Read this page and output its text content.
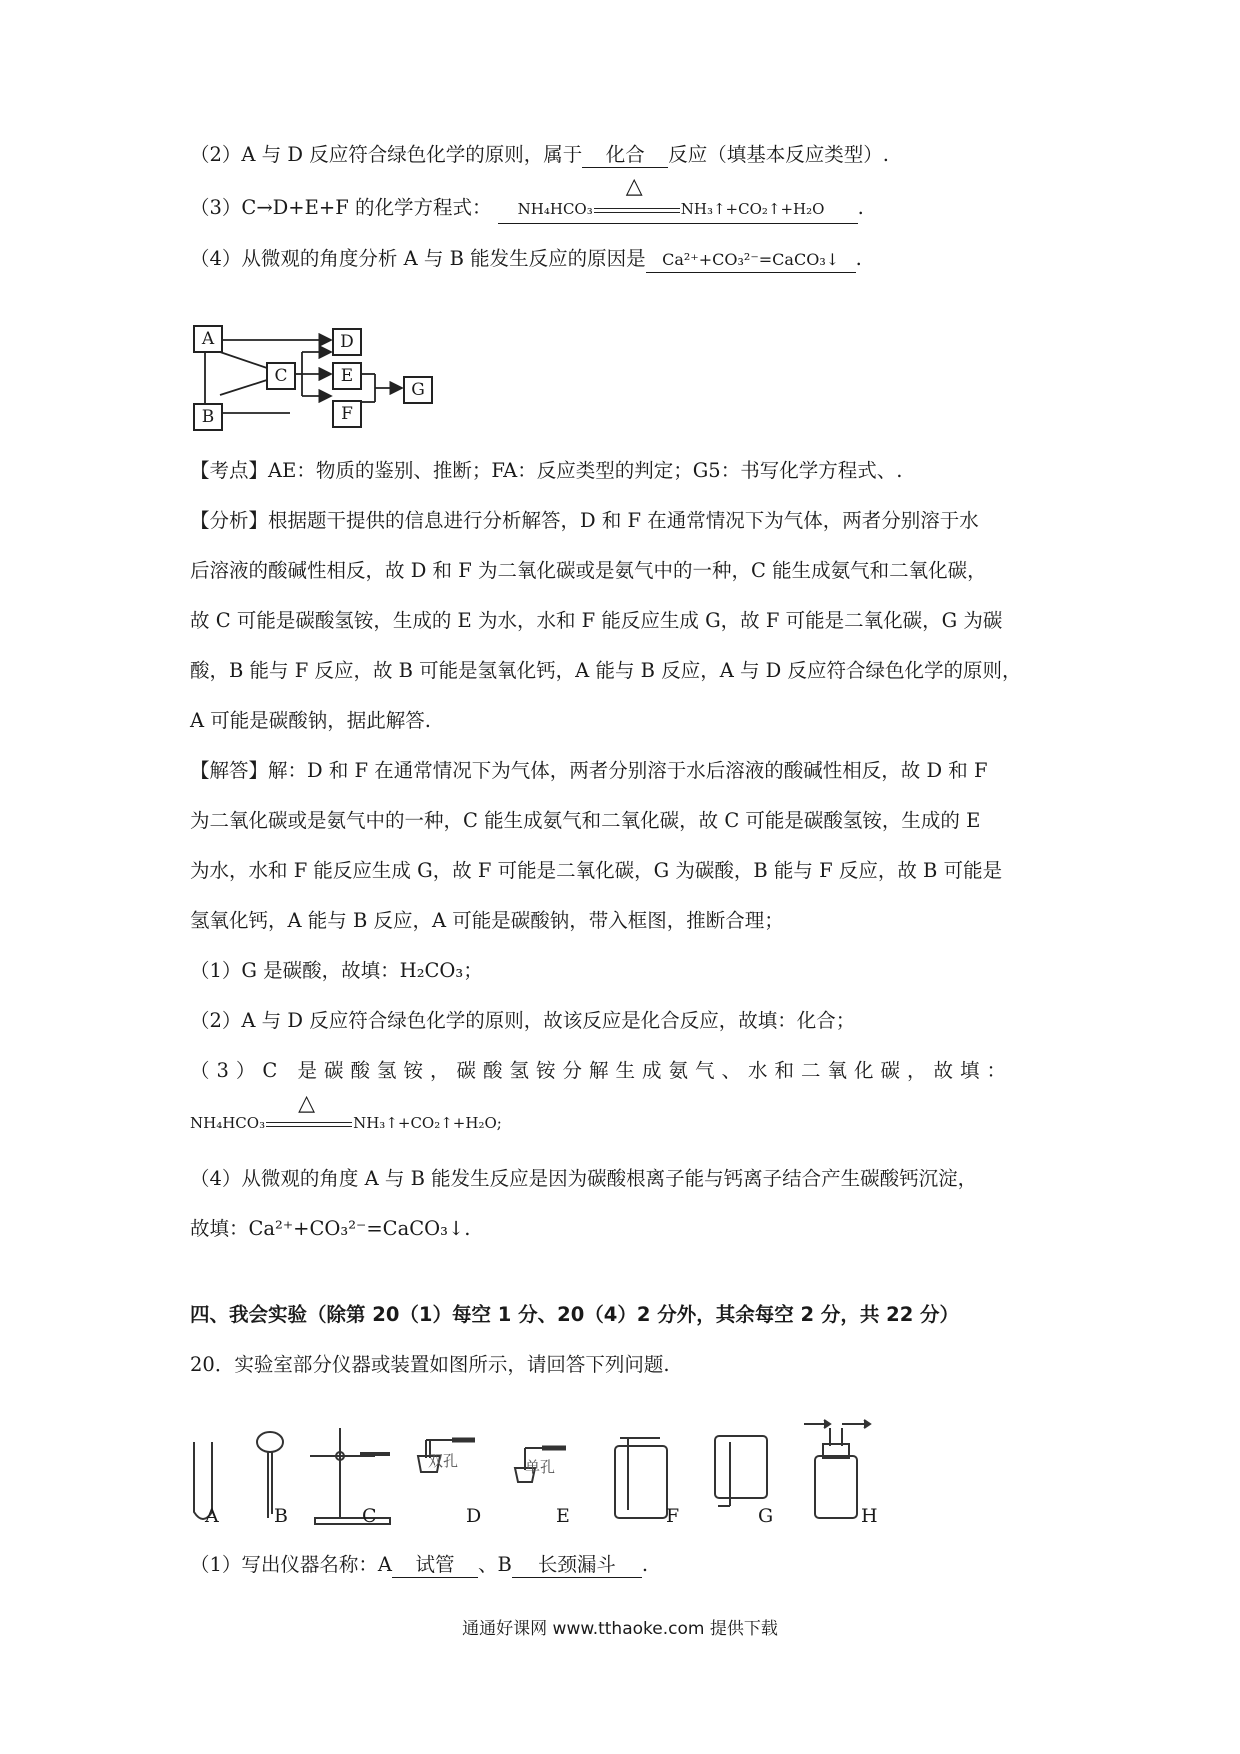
（2）A 与 D 反应符合绿色化学的原则，属于 化合 反应（填基本反应类型）.
（3）C→D+E+F 的化学方程式： NH₄HCO₃
△
NH₃↑+CO₂↑+H₂O .
（4）从微观的角度分析 A 与 B 能发生反应的原因是 Ca²⁺+CO₃²⁻=CaCO₃↓ .
A
B
C
D
E
F
G
【考点】AE：物质的鉴别、推断；FA：反应类型的判定；G5：书写化学方程式、.
【分析】根据题干提供的信息进行分析解答，D 和 F 在通常情况下为气体，两者分别溶于水
后溶液的酸碱性相反，故 D 和 F 为二氧化碳或是氨气中的一种，C 能生成氨气和二氧化碳，
故 C 可能是碳酸氢铵，生成的 E 为水，水和 F 能反应生成 G，故 F 可能是二氧化碳，G 为碳
酸，B 能与 F 反应，故 B 可能是氢氧化钙，A 能与 B 反应，A 与 D 反应符合绿色化学的原则，
A 可能是碳酸钠，据此解答.
【解答】解：D 和 F 在通常情况下为气体，两者分别溶于水后溶液的酸碱性相反，故 D 和 F
为二氧化碳或是氨气中的一种，C 能生成氨气和二氧化碳，故 C 可能是碳酸氢铵，生成的 E
为水，水和 F 能反应生成 G，故 F 可能是二氧化碳，G 为碳酸，B 能与 F 反应，故 B 可能是
氢氧化钙，A 能与 B 反应，A 可能是碳酸钠，带入框图，推断合理；
（1）G 是碳酸，故填：H₂CO₃；
（2）A 与 D 反应符合绿色化学的原则，故该反应是化合反应，故填：化合；
（3）C 是碳酸氢铵，碳酸氢铵分解生成氨气、水和二氧化碳，故填：
NH₄HCO₃
△
NH₃↑+CO₂↑+H₂O;
（4）从微观的角度 A 与 B 能发生反应是因为碳酸根离子能与钙离子结合产生碳酸钙沉淀，
故填：Ca²⁺+CO₃²⁻=CaCO₃↓.
四、我会实验（除第 20（1）每空 1 分、20（4）2 分外，其余每空 2 分，共 22 分）
20．实验室部分仪器或装置如图所示，请回答下列问题.
双孔	单孔
A	B	C	D	E	F	G	H
（1）写出仪器名称：A 试管 、B 长颈漏斗 .
通通好课网 www.tthaoke.com 提供下载
